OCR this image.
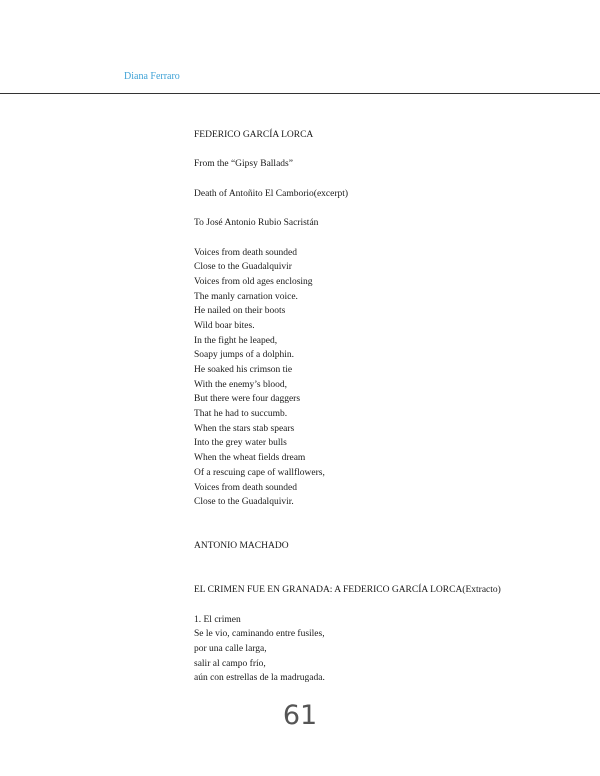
Diana Ferraro
FEDERICO GARCÍA LORCA
From the “Gipsy Ballads”
Death of Antoñito El Camborio(excerpt)
To José Antonio Rubio Sacristán
Voices from death sounded
Close to the Guadalquivir
Voices from old ages enclosing
The manly carnation voice.
He nailed on their boots
Wild boar bites.
In the fight he leaped,
Soapy jumps of a dolphin.
He soaked his crimson tie
With the enemy’s blood,
But there were four daggers
That he had to succumb.
When the stars stab spears
Into the grey water bulls
When the wheat fields dream
Of a rescuing cape of wallflowers,
Voices from death sounded
Close to the Guadalquivir.
ANTONIO MACHADO
EL CRIMEN FUE EN GRANADA: A FEDERICO GARCÍA LORCA(Extracto)
1. El crimen
Se le vio, caminando entre fusiles,
por una calle larga,
salir al campo frío,
aún con estrellas de la madrugada.
61
